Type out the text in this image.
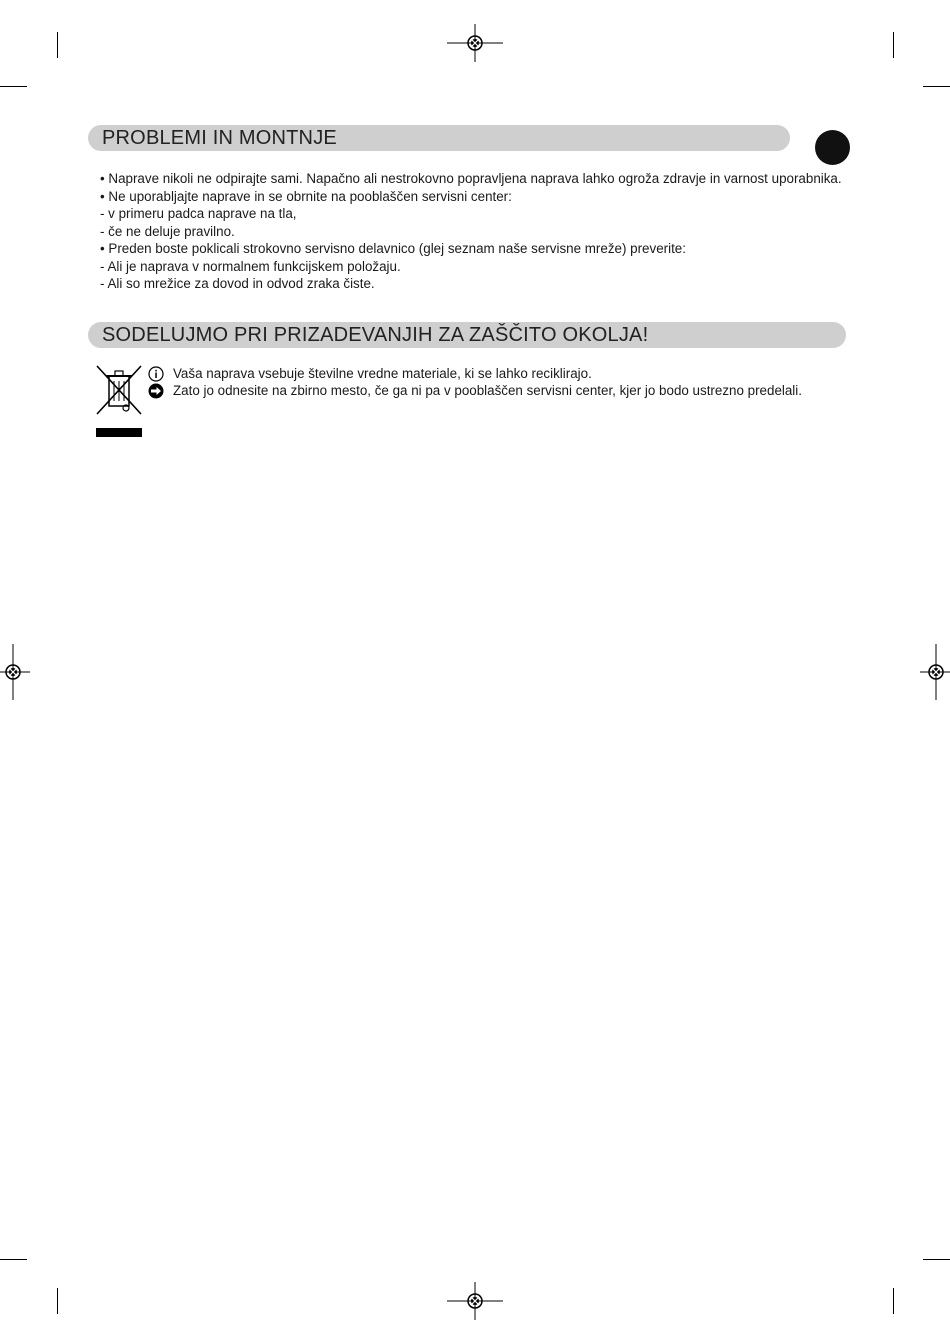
PROBLEMI IN MONTNJE
• Naprave nikoli ne odpirajte sami. Napačno ali nestrokovno popravljena naprava lahko ogroža zdravje in varnost uporabnika.
• Ne uporabljajte naprave in se obrnite na pooblaščen servisni center:
- v primeru padca naprave na tla,
- če ne deluje pravilno.
• Preden boste poklicali strokovno servisno delavnico (glej seznam naše servisne mreže) preverite:
- Ali je naprava v normalnem funkcijskem položaju.
- Ali so mrežice za dovod in odvod zraka čiste.
SODELUJMO PRI PRIZADEVANJIH ZA ZAŠČITO OKOLJA!
Vaša naprava vsebuje številne vredne materiale, ki se lahko reciklirajo.
Zato jo odnesite na zbirno mesto, če ga ni pa v pooblaščen servisni center, kjer jo bodo ustrezno predelali.
